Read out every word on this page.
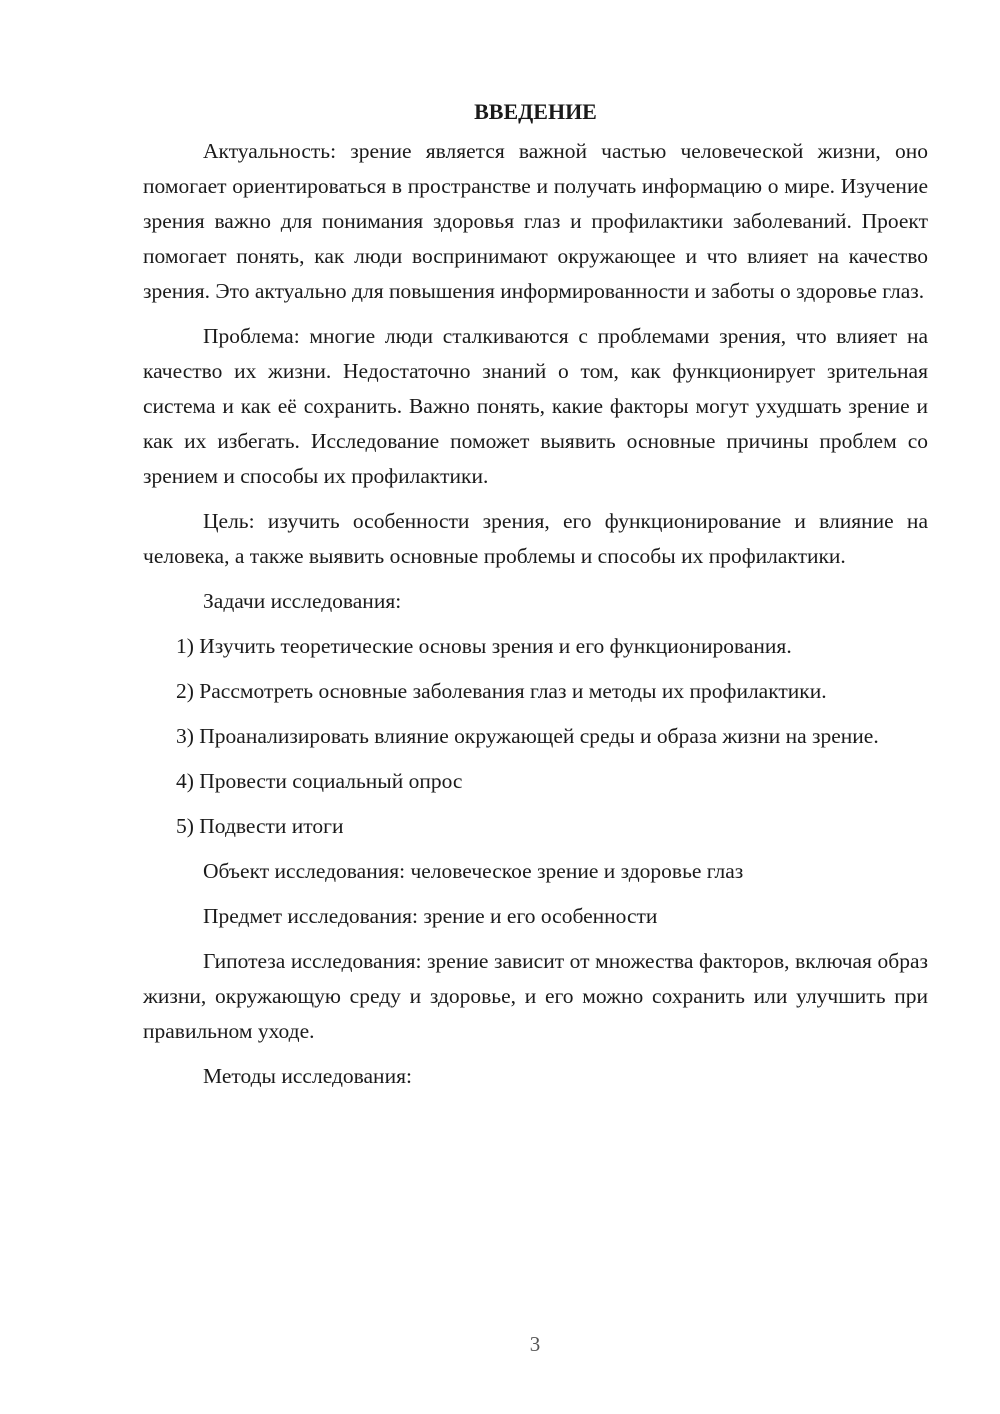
ВВЕДЕНИЕ

Актуальность: зрение является важной частью человеческой жизни, оно помогает ориентироваться в пространстве и получать информацию о мире. Изучение зрения важно для понимания здоровья глаз и профилактики заболеваний. Проект помогает понять, как люди воспринимают окружающее и что влияет на качество зрения. Это актуально для повышения информированности и заботы о здоровье глаз.

Проблема: многие люди сталкиваются с проблемами зрения, что влияет на качество их жизни. Недостаточно знаний о том, как функционирует зрительная система и как её сохранить. Важно понять, какие факторы могут ухудшать зрение и как их избегать. Исследование поможет выявить основные причины проблем со зрением и способы их профилактики.

Цель: изучить особенности зрения, его функционирование и влияние на человека, а также выявить основные проблемы и способы их профилактики.

Задачи исследования:

1) Изучить теоретические основы зрения и его функционирования.

2) Рассмотреть основные заболевания глаз и методы их профилактики.

3) Проанализировать влияние окружающей среды и образа жизни на зрение.

4) Провести социальный опрос

5) Подвести итоги

Объект исследования: человеческое зрение и здоровье глаз

Предмет исследования: зрение и его особенности

Гипотеза исследования: зрение зависит от множества факторов, включая образ жизни, окружающую среду и здоровье, и его можно сохранить или улучшить при правильном уходе.

Методы исследования:

3
